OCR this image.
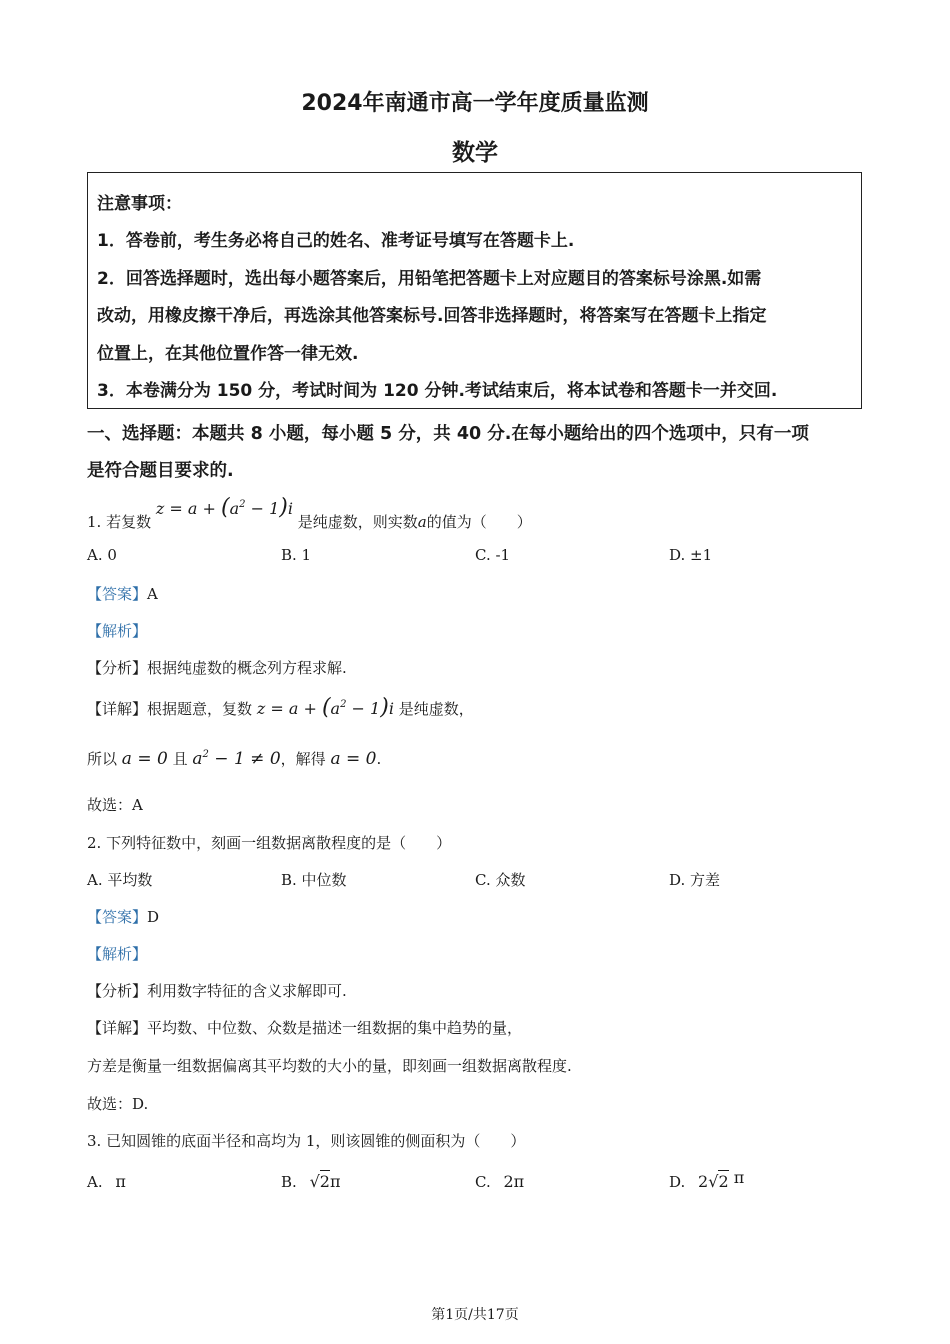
2024年南通市高一学年度质量监测
数学
注意事项：
1．答卷前，考生务必将自己的姓名、准考证号填写在答题卡上.
2．回答选择题时，选出每小题答案后，用铅笔把答题卡上对应题目的答案标号涂黑.如需
改动，用橡皮擦干净后，再选涂其他答案标号.回答非选择题时，将答案写在答题卡上指定
位置上，在其他位置作答一律无效.
3．本卷满分为 150 分，考试时间为 120 分钟.考试结束后，将本试卷和答题卡一并交回.
一、选择题：本题共 8 小题，每小题 5 分，共 40 分.在每小题给出的四个选项中，只有一项
是符合题目要求的.
1. 若复数 $z = a + (a^2 - 1)i$ 是纯虚数，则实数a的值为（　　）
A. 0	B. 1	C. -1	D. ±1
【答案】A
【解析】
【分析】根据纯虚数的概念列方程求解.
【详解】根据题意，复数 $z = a + (a^2 - 1)i$ 是纯虚数，
所以 a = 0 且 $a^2 - 1 \ne 0$，解得 a = 0.
故选：A
2. 下列特征数中，刻画一组数据离散程度的是（　　）
A. 平均数	B. 中位数	C. 众数	D. 方差
【答案】D
【解析】
【分析】利用数字特征的含义求解即可.
【详解】平均数、中位数、众数是描述一组数据的集中趋势的量，
方差是衡量一组数据偏离其平均数的大小的量，即刻画一组数据离散程度.
故选：D.
3. 已知圆锥的底面半径和高均为 1，则该圆锥的侧面积为（　　）
A. π	B. √2π	C. 2π	D. 2√2 π
第1页/共17页
